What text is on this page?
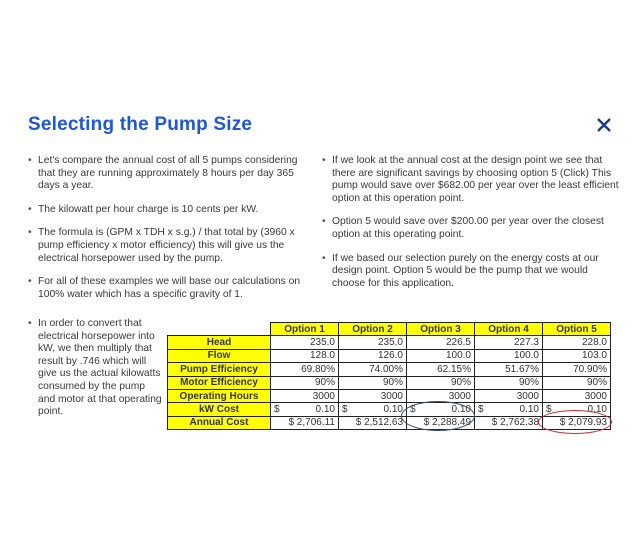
Selecting the Pump Size
• Let's compare the annual cost of all 5 pumps considering that they are running approximately 8 hours per day 365 days a year.
• The kilowatt per hour charge is 10 cents per kW.
• The formula is (GPM x TDH x s.g.) / that total by (3960 x pump efficiency x motor efficiency) this will give us the electrical horsepower used by the pump.
• For all of these examples we will base our calculations on 100% water which has a specific gravity of 1.
• If we look at the annual cost at the design point we see that there are significant savings by choosing option 5 (Click) This pump would save over $682.00 per year over the least efficient option at this operation point.
• Option 5 would save over $200.00 per year over the closest option at this operating point.
• If we based our selection purely on the energy costs at our design point. Option 5 would be the pump that we would choose for this application.
• In order to convert that electrical horsepower into kW, we then multiply that result by .746 which will give us the actual kilowatts consumed by the pump and motor at that operating point.
	Option 1	Option 2	Option 3	Option 4	Option 5
Head	235.0	235.0	226.5	227.3	228.0
Flow	128.0	126.0	100.0	100.0	103.0
Pump Efficiency	69.80%	74.00%	62.15%	51.67%	70.90%
Motor Efficiency	90%	90%	90%	90%	90%
Operating Hours	3000	3000	3000	3000	3000
kW Cost	$ 0.10	$ 0.10	$ 0.10	$ 0.10	$ 0.10

Annual Cost	$ 2,706.11	$ 2,512.63	$ 2,288.49	$ 2,762.38	$ 2,079.93
